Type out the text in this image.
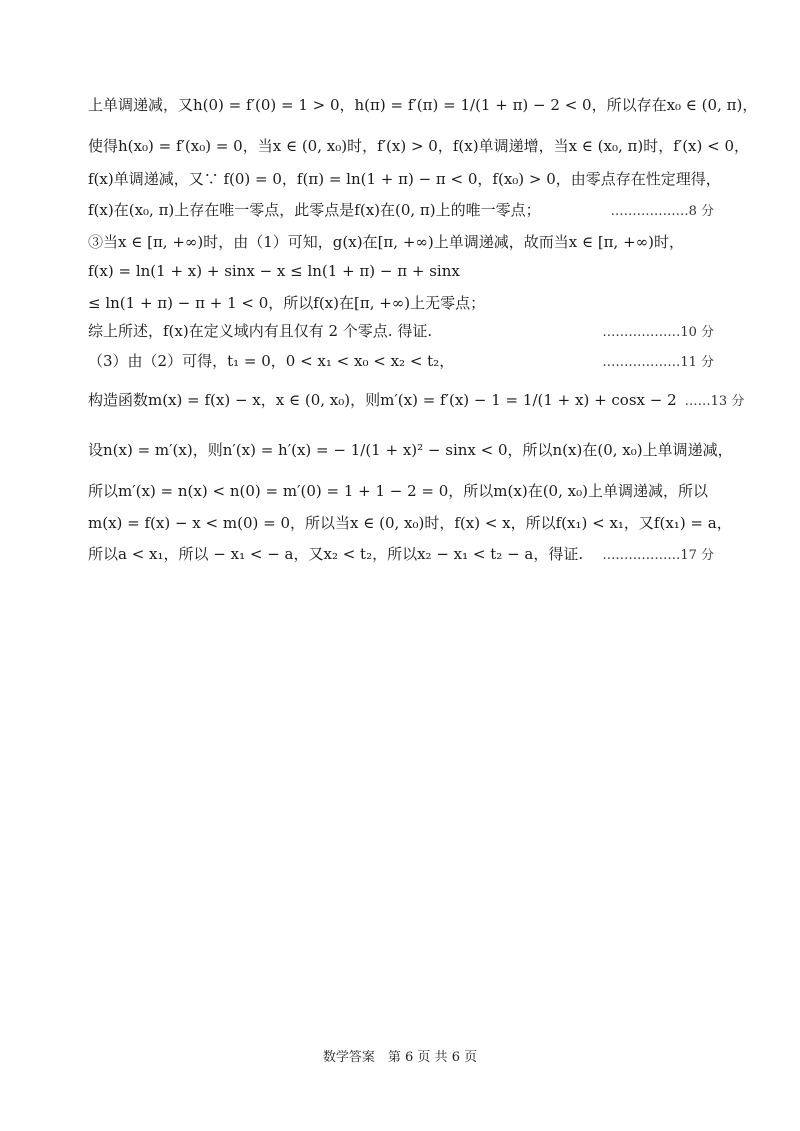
上单调递减，又h(0) = f′(0) = 1 > 0，h(π) = f′(π) = 1/(1 + π) − 2 < 0，所以存在x₀ ∈ (0, π)，
使得h(x₀) = f′(x₀) = 0，当x ∈ (0, x₀)时，f′(x) > 0，f(x)单调递增，当x ∈ (x₀, π)时，f′(x) < 0，
f(x)单调递减，又∵ f(0) = 0，f(π) = ln(1 + π) − π < 0，f(x₀) > 0，由零点存在性定理得，
f(x)在(x₀, π)上存在唯一零点，此零点是f(x)在(0, π)上的唯一零点；	………………8 分
③当x ∈ [π, +∞)时，由（1）可知，g(x)在[π, +∞)上单调递减，故而当x ∈ [π, +∞)时，
f(x) = ln(1 + x) + sinx − x ≤ ln(1 + π) − π + sinx
≤ ln(1 + π) − π + 1 < 0，所以f(x)在[π, +∞)上无零点；
综上所述，f(x)在定义域内有且仅有 2 个零点. 得证.	………………10 分
（3）由（2）可得，t₁ = 0，0 < x₁ < x₀ < x₂ < t₂，	………………11 分
构造函数m(x) = f(x) − x，x ∈ (0, x₀)，则m′(x) = f′(x) − 1 = 1/(1 + x) + cosx − 2 ……13 分
设n(x) = m′(x)，则n′(x) = h′(x) = − 1/(1 + x)² − sinx < 0，所以n(x)在(0, x₀)上单调递减，
所以m′(x) = n(x) < n(0) = m′(0) = 1 + 1 − 2 = 0，所以m(x)在(0, x₀)上单调递减，所以
m(x) = f(x) − x < m(0) = 0，所以当x ∈ (0, x₀)时，f(x) < x，所以f(x₁) < x₁，又f(x₁) = a，
所以a < x₁，所以 − x₁ < − a，又x₂ < t₂，所以x₂ − x₁ < t₂ − a，得证.	………………17 分
数学答案　第 6 页 共 6 页
